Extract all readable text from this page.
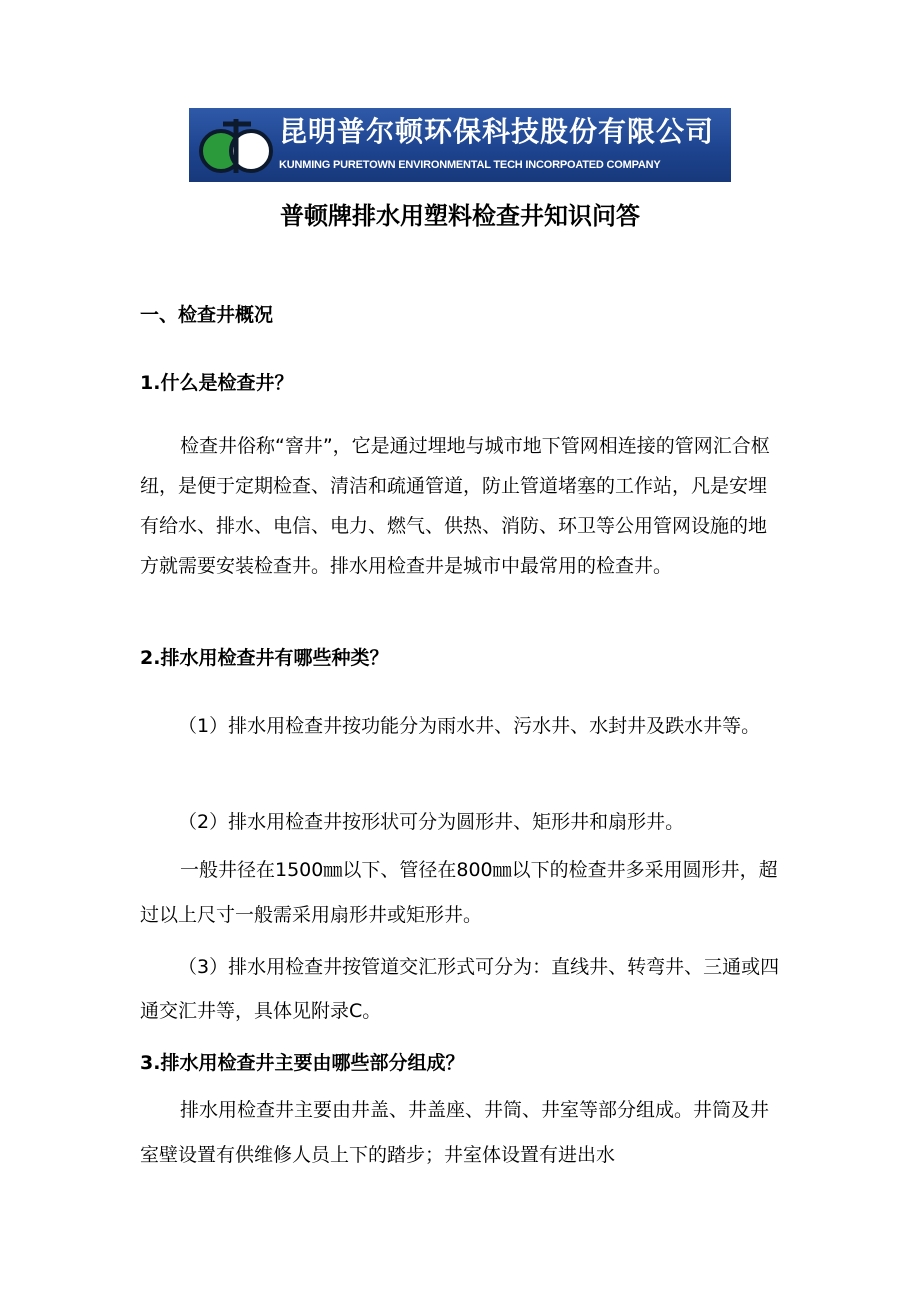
昆明普尔顿环保科技股份有限公司
KUNMING PURETOWN ENVIRONMENTAL TECH INCORPOATED COMPANY
普顿牌排水用塑料检查井知识问答
一、检查井概况
1.什么是检查井？
检查井俗称“窨井”，它是通过埋地与城市地下管网相连接的管网汇合枢纽，是便于定期检查、清洁和疏通管道，防止管道堵塞的工作站，凡是安埋有给水、排水、电信、电力、燃气、供热、消防、环卫等公用管网设施的地方就需要安装检查井。排水用检查井是城市中最常用的检查井。
2.排水用检查井有哪些种类？
（1）排水用检查井按功能分为雨水井、污水井、水封井及跌水井等。
（2）排水用检查井按形状可分为圆形井、矩形井和扇形井。
一般井径在1500㎜以下、管径在800㎜以下的检查井多采用圆形井，超过以上尺寸一般需采用扇形井或矩形井。
（3）排水用检查井按管道交汇形式可分为：直线井、转弯井、三通或四通交汇井等，具体见附录C。
3.排水用检查井主要由哪些部分组成？
排水用检查井主要由井盖、井盖座、井筒、井室等部分组成。井筒及井室壁设置有供维修人员上下的踏步；井室体设置有进出水
